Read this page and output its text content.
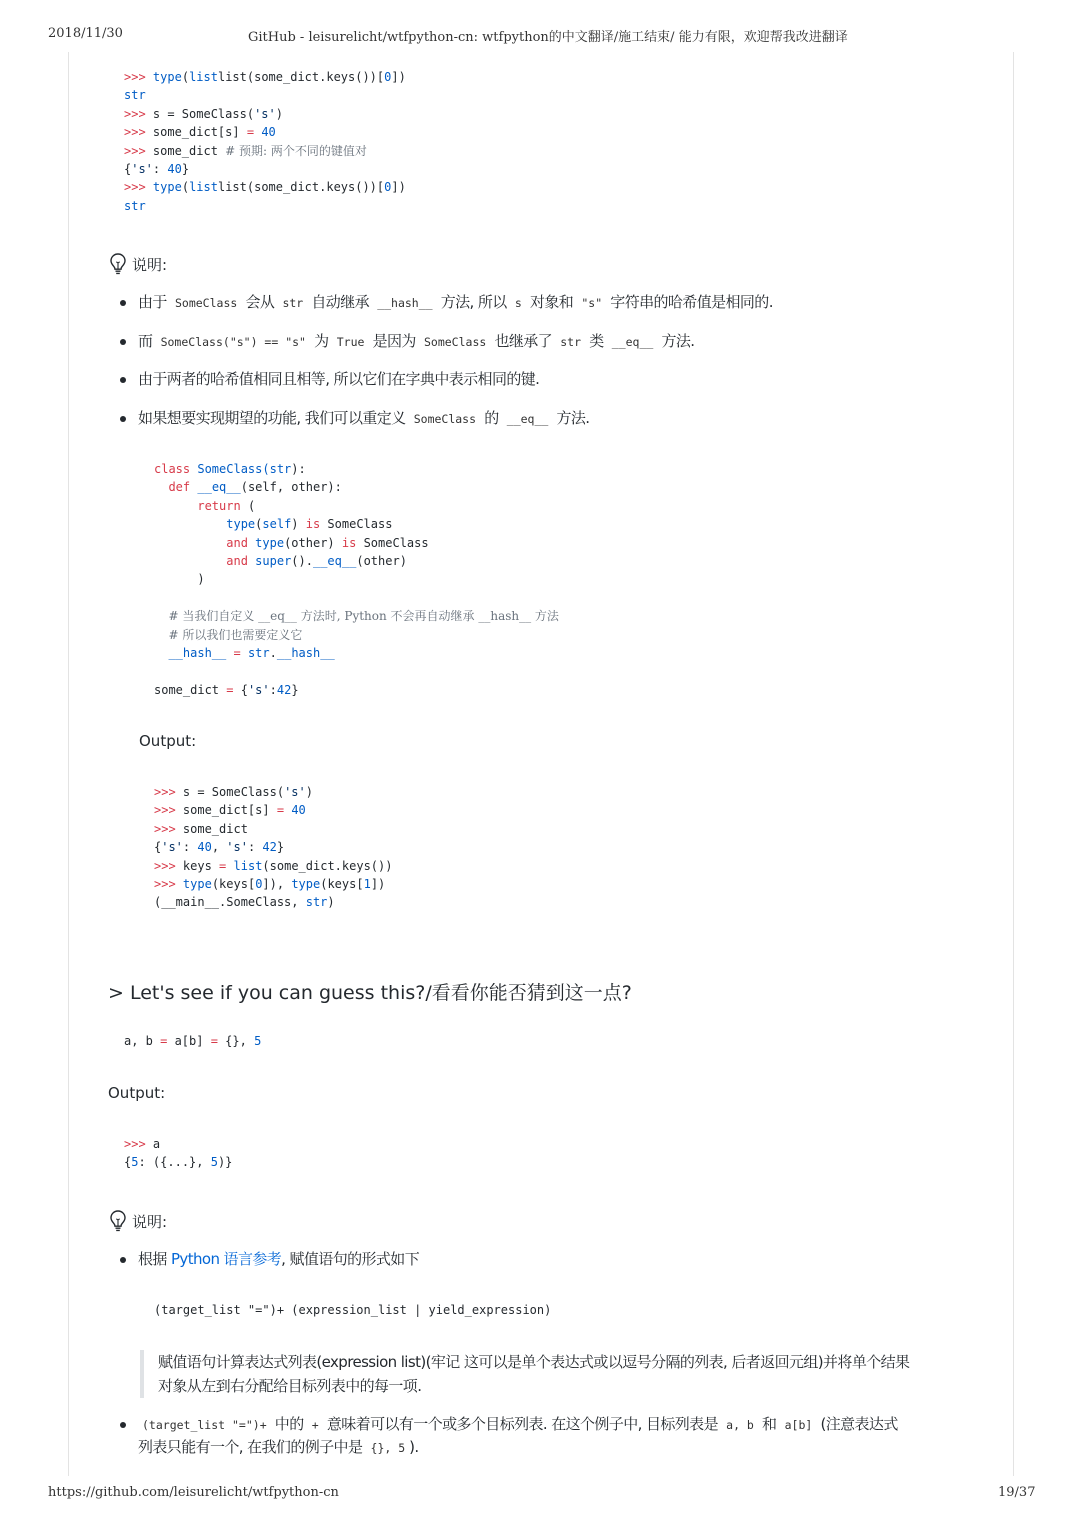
2018/11/30	GitHub - leisurelicht/wtfpython-cn: wtfpython的中文翻译/施工结束/ 能力有限，欢迎帮我改进翻译
>>> type(listlist(some_dict.keys())[0])
str
>>> s = SomeClass('s')
>>> some_dict[s] = 40
>>> some_dict # 预期: 两个不同的键值对
{'s': 40}
>>> type(listlist(some_dict.keys())[0])
str
说明:
由于 SomeClass 会从 str 自动继承 __hash__ 方法, 所以 s 对象和 "s" 字符串的哈希值是相同的.
而 SomeClass("s") == "s" 为 True 是因为 SomeClass 也继承了 str 类 __eq__ 方法.
由于两者的哈希值相同且相等, 所以它们在字典中表示相同的键.
如果想要实现期望的功能, 我们可以重定义 SomeClass 的 __eq__ 方法.
class SomeClass(str):
def __eq__(self, other):
return (
type(self) is SomeClass
and type(other) is SomeClass
and super().__eq__(other)
)

# 当我们自定义 __eq__ 方法时, Python 不会再自动继承 __hash__ 方法
# 所以我们也需要定义它
__hash__ = str.__hash__

some_dict = {'s':42}
Output:
>>> s = SomeClass('s')
>>> some_dict[s] = 40
>>> some_dict
{'s': 40, 's': 42}
>>> keys = list(some_dict.keys())
>>> type(keys[0]), type(keys[1])
(__main__.SomeClass, str)
> Let's see if you can guess this?/看看你能否猜到这一点?
a, b = a[b] = {}, 5
Output:
>>> a
{5: ({...}, 5)}
说明:
根据 Python 语言参考, 赋值语句的形式如下
(target_list "=")+ (expression_list | yield_expression)
赋值语句计算表达式列表(expression list)(牢记 这可以是单个表达式或以逗号分隔的列表, 后者返回元组)并将单个结果
对象从左到右分配给目标列表中的每一项.
(target_list "=")+ 中的 + 意味着可以有一个或多个目标列表. 在这个例子中, 目标列表是 a, b 和 a[b] (注意表达式
列表只能有一个, 在我们的例子中是 {}, 5 ).
https://github.com/leisurelicht/wtfpython-cn	19/37
